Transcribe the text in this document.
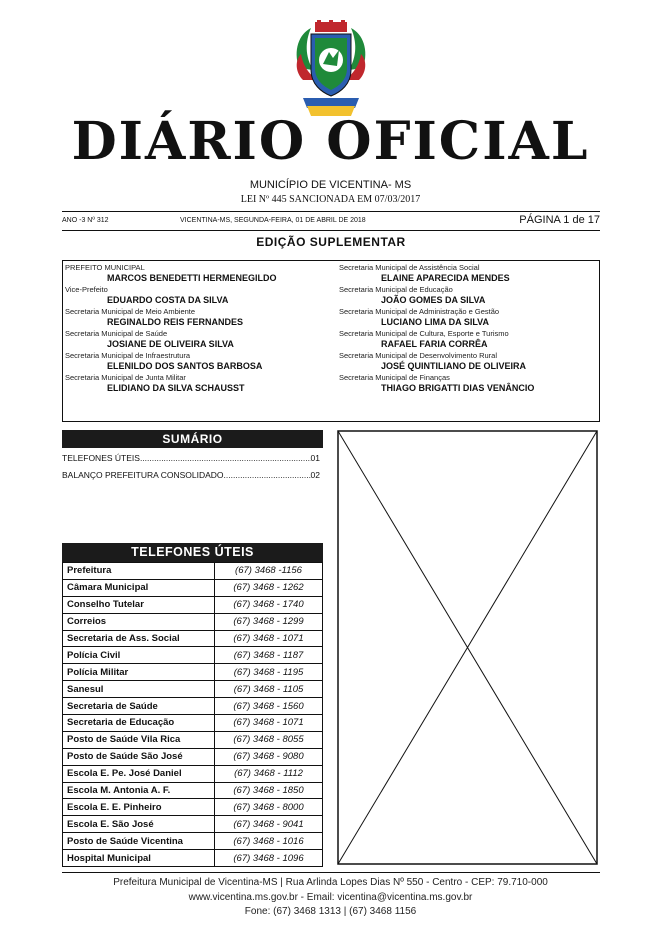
DIÁRIO OFICIAL
MUNICÍPIO DE VICENTINA- MS
LEI Nº 445 SANCIONADA EM 07/03/2017
ANO -3 Nº 312	VICENTINA-MS, SEGUNDA-FEIRA, 01 DE ABRIL DE 2018	PÁGINA 1 de 17
EDIÇÃO SUPLEMENTAR
PREFEITO MUNICIPAL
MARCOS BENEDETTI HERMENEGILDO
Vice-Prefeito
EDUARDO COSTA DA SILVA
Secretaria Municipal de Meio Ambiente
REGINALDO REIS FERNANDES
Secretaria Municipal de Saúde
JOSIANE DE OLIVEIRA SILVA
Secretaria Municipal de Infraestrutura
ELENILDO DOS SANTOS BARBOSA
Secretaria Municipal de Junta Militar
ELIDIANO DA SILVA SCHAUSST
Secretaria Municipal de Assistência Social
ELAINE APARECIDA MENDES
Secretaria Municipal de Educação
JOÃO GOMES DA SILVA
Secretaria Municipal de Administração e Gestão
LUCIANO LIMA DA SILVA
Secretaria Municipal de Cultura, Esporte e Turismo
RAFAEL FARIA CORRÊA
Secretaria Municipal de Desenvolvimento Rural
JOSÉ QUINTILIANO DE OLIVEIRA
Secretaria Municipal de Finanças
THIAGO BRIGATTI DIAS VENÂNCIO
SUMÁRIO
TELEFONES ÚTEIS .....	01
BALANÇO PREFEITURA CONSOLIDADO .....	02
TELEFONES ÚTEIS
Prefeitura	(67) 3468 -1156
Câmara Municipal	(67) 3468 - 1262
Conselho Tutelar	(67) 3468 - 1740
Correios	(67) 3468 - 1299
Secretaria de Ass. Social	(67) 3468 - 1071
Polícia Civil	(67) 3468 - 1187
Polícia Militar	(67) 3468 - 1195
Sanesul	(67) 3468 - 1105
Secretaria de Saúde	(67) 3468 - 1560
Secretaria de Educação	(67) 3468 - 1071
Posto de Saúde Vila Rica	(67) 3468 - 8055
Posto de Saúde São José	(67) 3468 - 9080
Escola E. Pe. José Daniel	(67) 3468 - 1112
Escola M. Antonia A. F.	(67) 3468 - 1850
Escola E. E. Pinheiro	(67) 3468 - 8000
Escola E. São José	(67) 3468 - 9041
Posto de Saúde Vicentina	(67) 3468 - 1016
Hospital Municipal	(67) 3468 - 1096
Prefeitura Municipal de Vicentina-MS | Rua Arlinda Lopes Dias Nº 550 - Centro - CEP: 79.710-000
www.vicentina.ms.gov.br - Email: vicentina@vicentina.ms.gov.br
Fone: (67) 3468 1313 | (67) 3468 1156
